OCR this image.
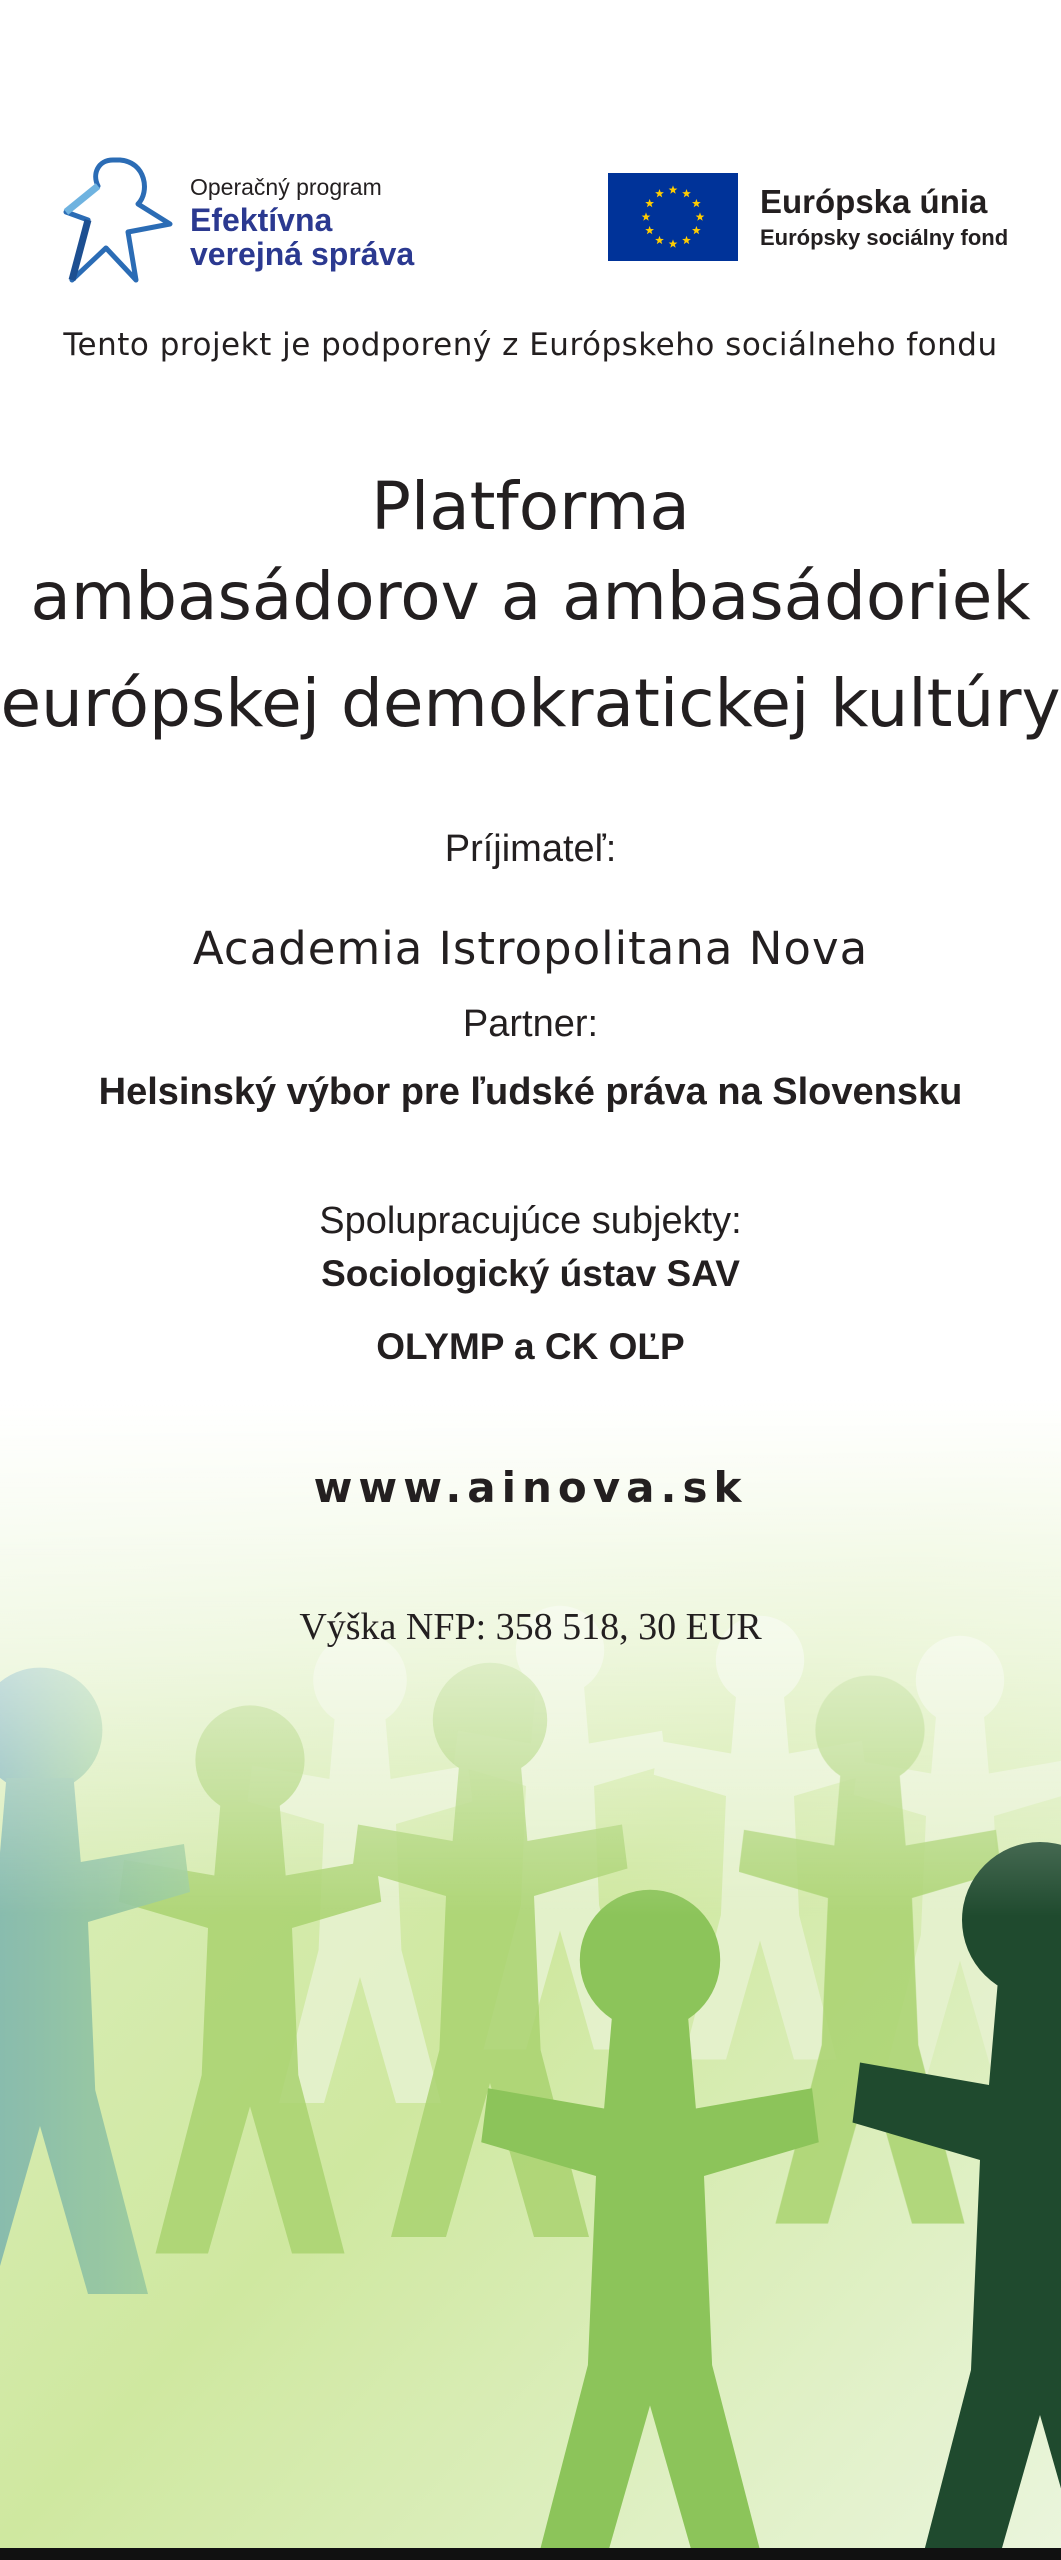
Operačný program
Efektívna
verejná správa
Európska únia
Európsky sociálny fond
Tento projekt je podporený z Európskeho sociálneho fondu
Platforma
ambasádorov a ambasádoriek
európskej demokratickej kultúry
Príjimateľ:
Academia Istropolitana Nova
Partner:
Helsinský výbor pre ľudské práva na Slovensku
Spolupracujúce subjekty:
Sociologický ústav SAV
OLYMP a CK OĽP
www.ainova.sk
Výška NFP: 358 518, 30 EUR
